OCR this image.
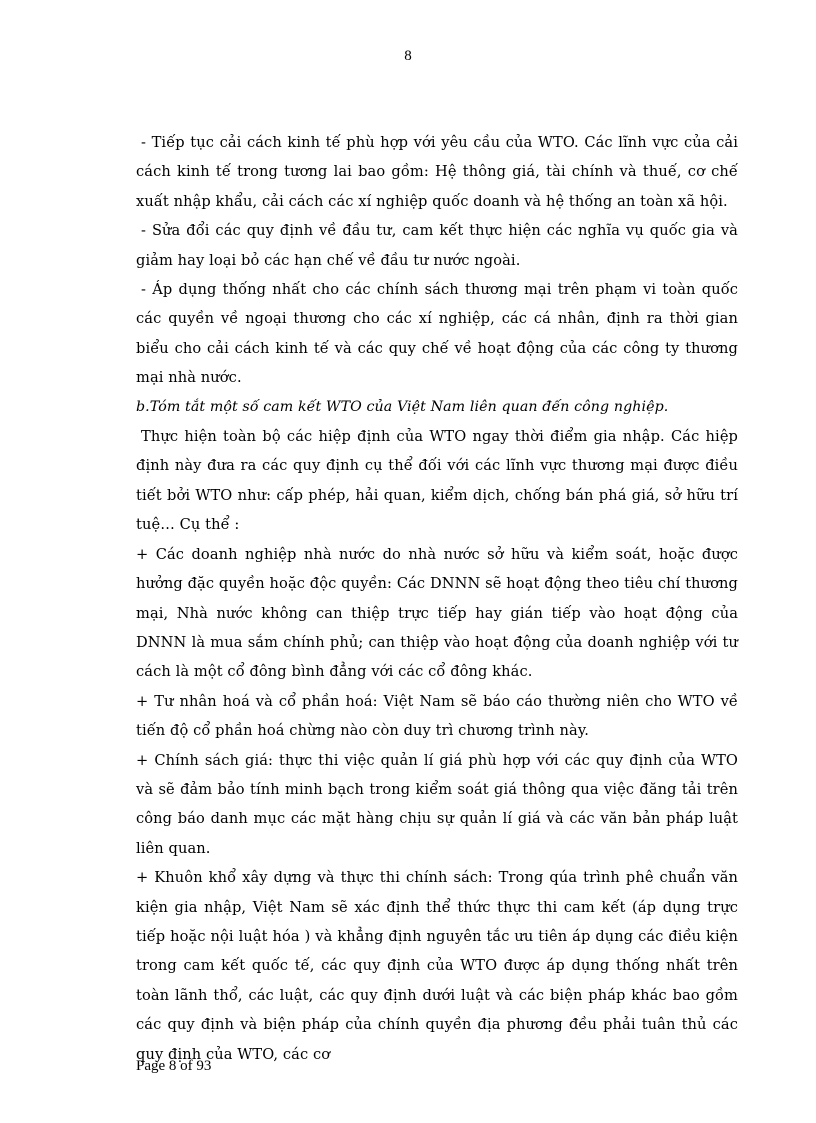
8

- Tiếp tục cải cách kinh tế phù hợp với yêu cầu của WTO. Các lĩnh vực của cải cách kinh tế trong tương lai bao gồm: Hệ thông giá, tài chính và thuế, cơ chế xuất nhập khẩu, cải cách các xí nghiệp quốc doanh và hệ thống an toàn xã hội.

- Sửa đổi các quy định về đầu tư, cam kết thực hiện các nghĩa vụ quốc gia và giảm hay loại bỏ các hạn chế về đầu tư nước ngoài.

- Áp dụng thống nhất cho các chính sách thương mại trên phạm vi toàn quốc các quyền về ngoại thương cho các xí nghiệp, các cá nhân, định ra thời gian biểu cho cải cách kinh tế và các quy chế về hoạt động của các công ty thương mại nhà nước.

b.Tóm tắt một số cam kết WTO của Việt Nam liên quan đến công nghiệp.

Thực hiện toàn bộ các hiệp định của WTO ngay thời điểm gia nhập. Các hiệp định này đưa ra các quy định cụ thể đối với các lĩnh vực thương mại được điều tiết bởi WTO như: cấp phép, hải quan, kiểm dịch, chống bán phá giá, sở hữu trí tuệ… Cụ thể :

+ Các doanh nghiệp nhà nước do nhà nước sở hữu và kiểm soát, hoặc được hưởng đặc quyền hoặc độc quyền: Các DNNN sẽ hoạt động theo tiêu chí thương mại, Nhà nước không can thiệp trực tiếp hay gián tiếp vào hoạt động của DNNN là mua sắm chính phủ; can thiệp vào hoạt động của doanh nghiệp với tư cách là một cổ đông bình đẳng với các cổ đông khác.

+ Tư nhân hoá và cổ phần hoá: Việt Nam sẽ báo cáo thường niên cho WTO về tiến độ cổ phần hoá chừng nào còn duy trì chương trình này.

+ Chính sách giá: thực thi việc quản lí giá phù hợp với các quy định của WTO và sẽ đảm bảo tính minh bạch trong kiểm soát giá thông qua việc đăng tải trên công báo danh mục các mặt hàng chịu sự quản lí giá và các văn bản pháp luật liên quan.

+ Khuôn khổ xây dựng và thực thi chính sách: Trong qúa trình phê chuẩn văn kiện gia nhập, Việt Nam sẽ xác định thể thức thực thi cam kết (áp dụng trực tiếp hoặc nội luật hóa ) và khẳng định nguyên tắc ưu tiên áp dụng các điều kiện trong cam kết quốc tế, các quy định của WTO được áp dụng thống nhất trên toàn lãnh thổ, các luật, các quy định dưới luật và các biện pháp khác bao gồm các quy định và biện pháp của chính quyền địa phương đều phải tuân thủ các quy định của WTO, các cơ

Page 8 of 93
